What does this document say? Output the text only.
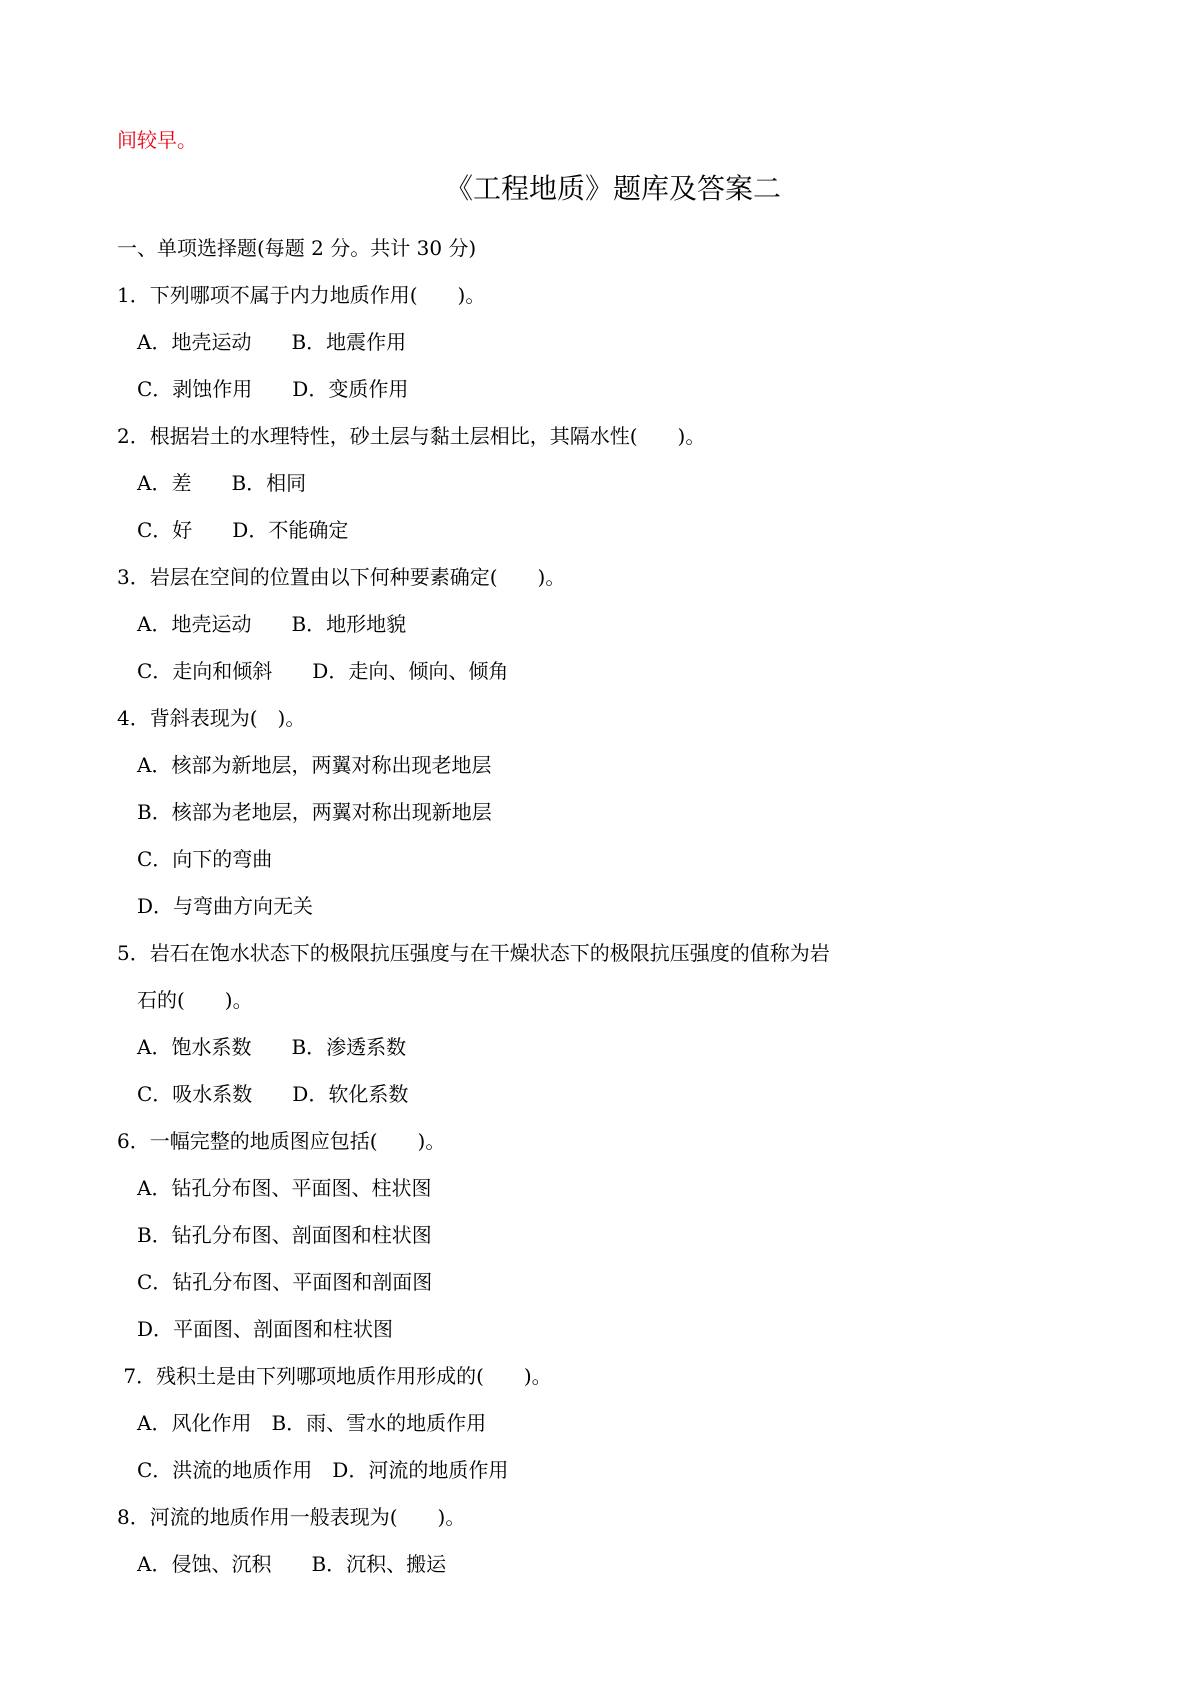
间较早。
《工程地质》题库及答案二
一、单项选择题(每题 2 分。共计 30 分)
1．下列哪项不属于内力地质作用(　　)。
A．地壳运动　　B．地震作用
C．剥蚀作用　　D．变质作用
2．根据岩土的水理特性，砂土层与黏土层相比，其隔水性(　　)。
A．差　　B．相同
C．好　　D．不能确定
3．岩层在空间的位置由以下何种要素确定(　　)。
A．地壳运动　　B．地形地貌
C．走向和倾斜　　D．走向、倾向、倾角
4．背斜表现为(　)。
A．核部为新地层，两翼对称出现老地层
B．核部为老地层，两翼对称出现新地层
C．向下的弯曲
D．与弯曲方向无关
5．岩石在饱水状态下的极限抗压强度与在干燥状态下的极限抗压强度的值称为岩
石的(　　)。
A．饱水系数　　B．渗透系数
C．吸水系数　　D．软化系数
6．一幅完整的地质图应包括(　　)。
A．钻孔分布图、平面图、柱状图
B．钻孔分布图、剖面图和柱状图
C．钻孔分布图、平面图和剖面图
D．平面图、剖面图和柱状图
7．残积土是由下列哪项地质作用形成的(　　)。
A．风化作用　B．雨、雪水的地质作用
C．洪流的地质作用　D．河流的地质作用
8．河流的地质作用一般表现为(　　)。
A．侵蚀、沉积　　B．沉积、搬运
